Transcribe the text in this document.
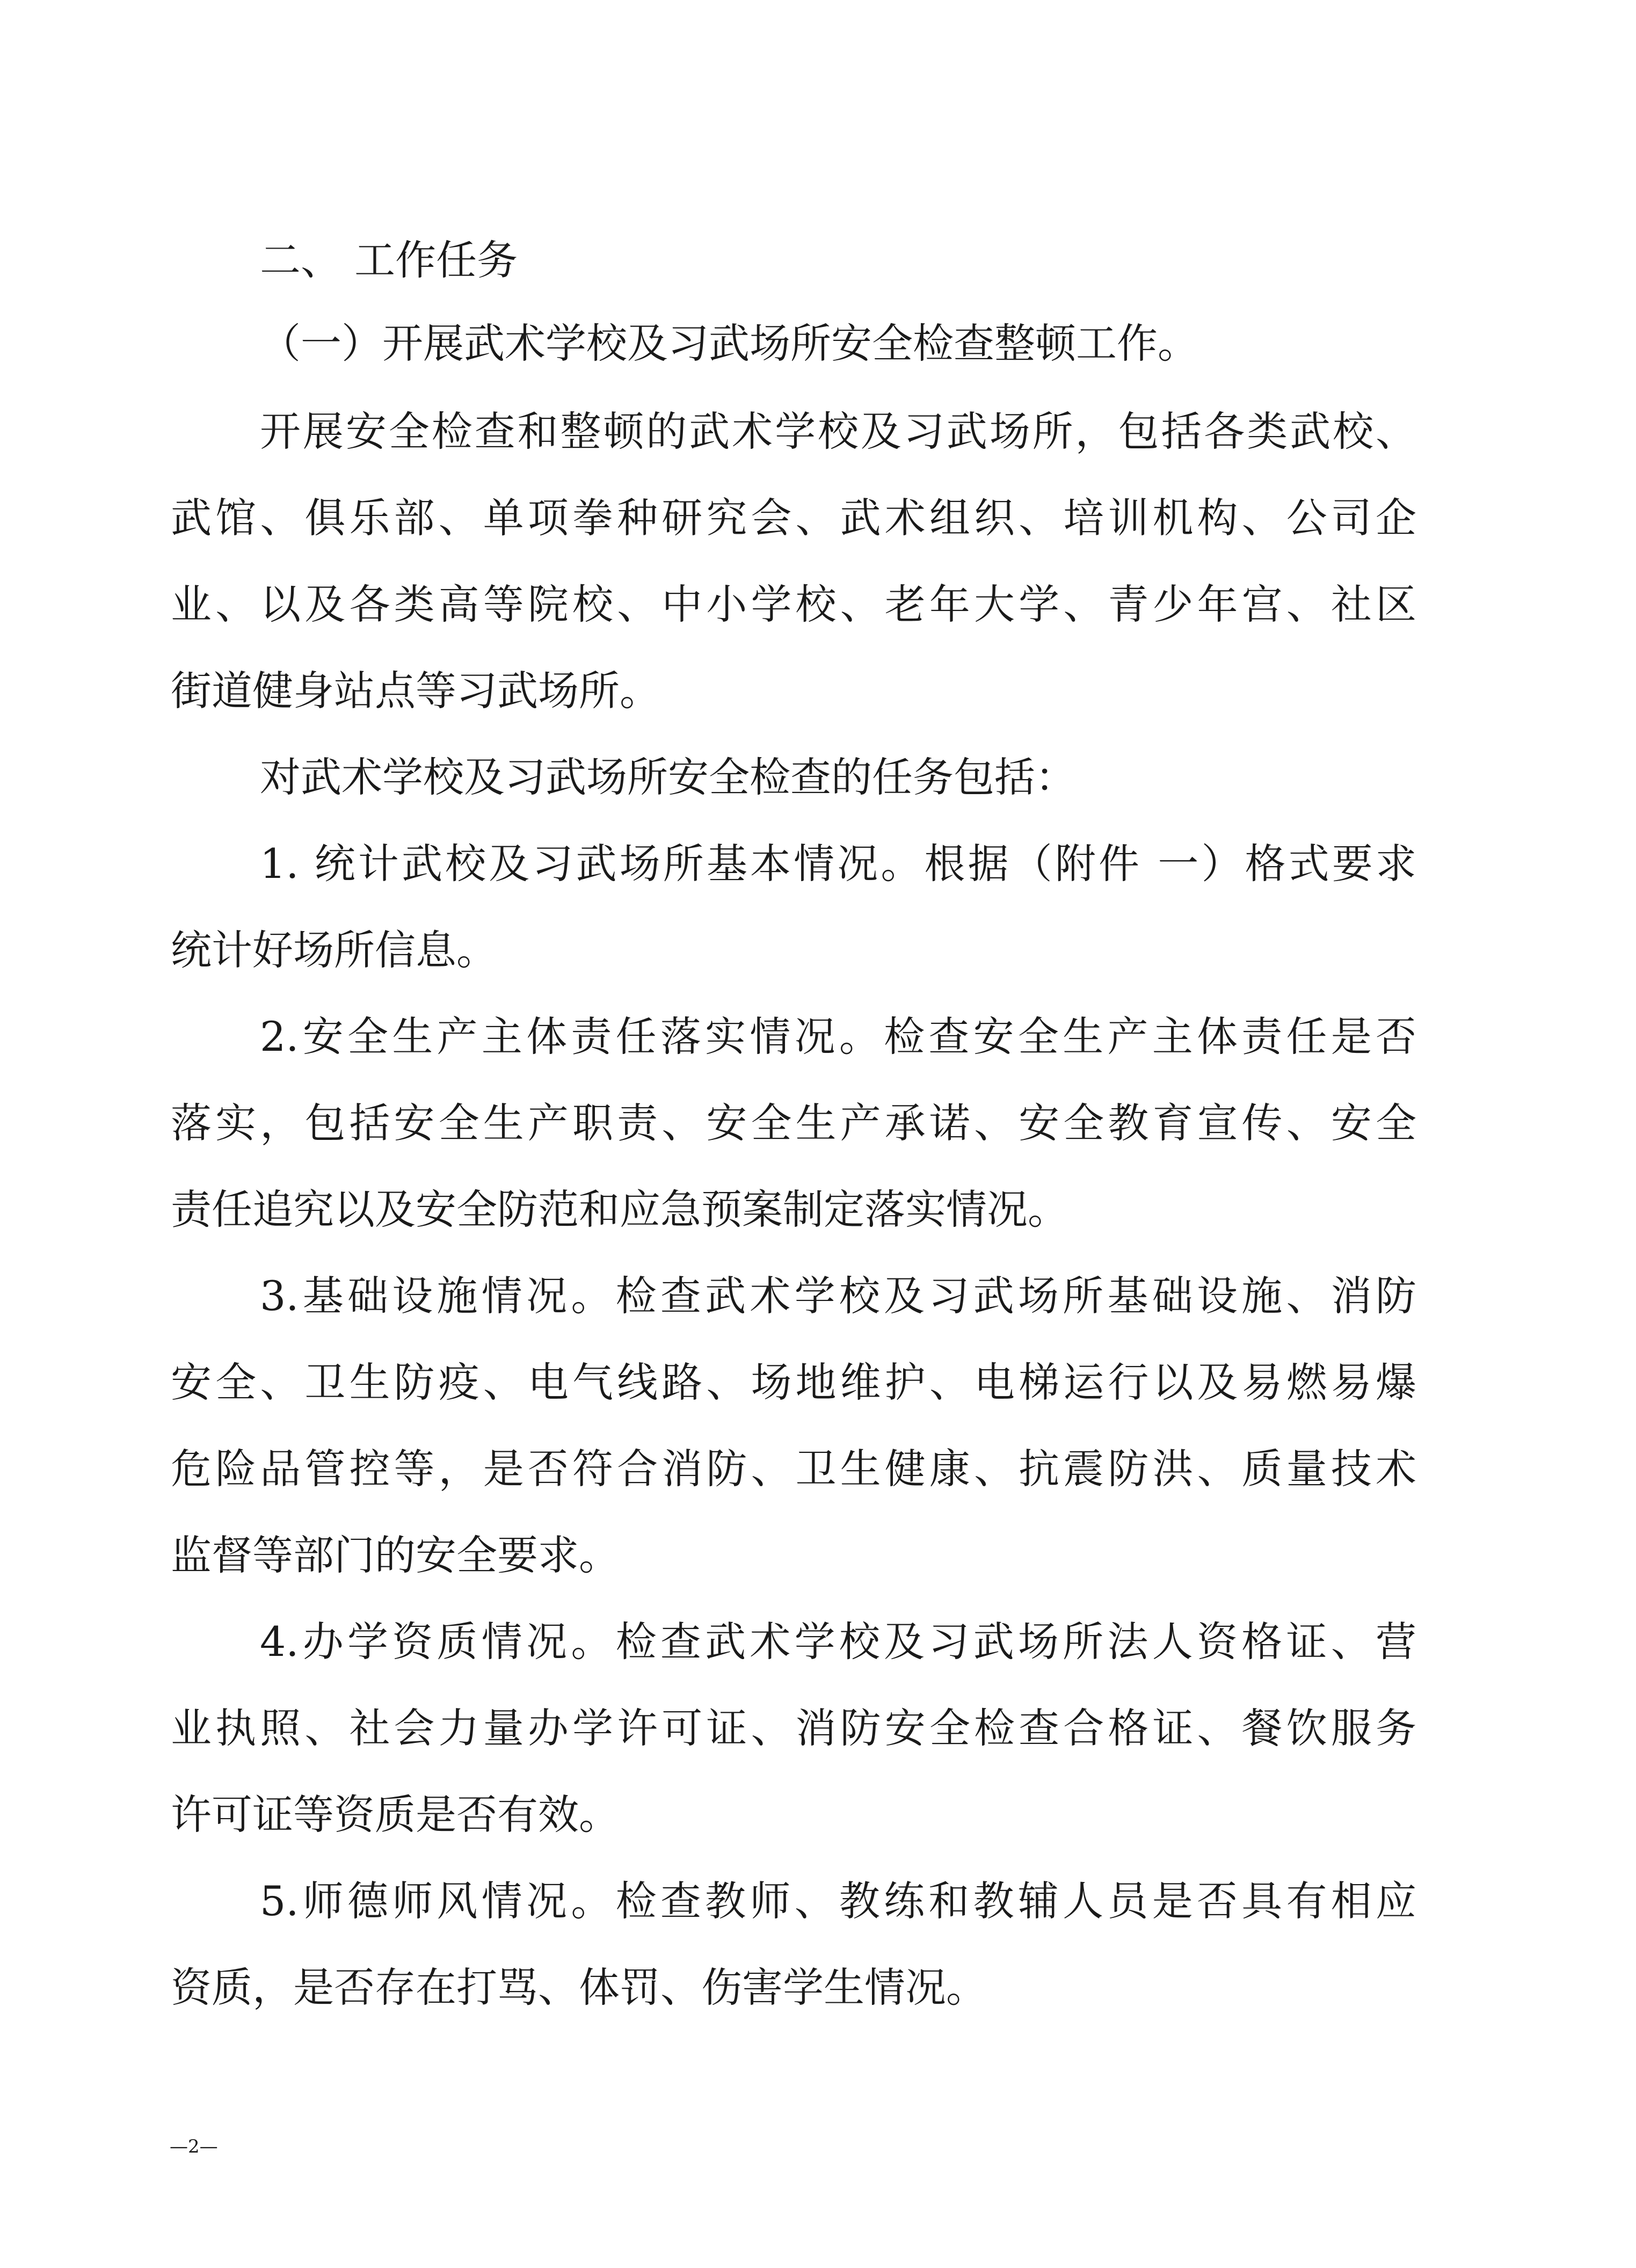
二、 工作任务
（一）开展武术学校及习武场所安全检查整顿工作。
开展安全检查和整顿的武术学校及习武场所，包括各类武校、
武馆、俱乐部、单项拳种研究会、武术组织、培训机构、公司企
业、以及各类高等院校、中小学校、老年大学、青少年宫、社区
街道健身站点等习武场所。
对武术学校及习武场所安全检查的任务包括：
1. 统计武校及习武场所基本情况。根据（附件 一）格式要求
统计好场所信息。
2.安全生产主体责任落实情况。检查安全生产主体责任是否
落实，包括安全生产职责、安全生产承诺、安全教育宣传、安全
责任追究以及安全防范和应急预案制定落实情况。
3.基础设施情况。检查武术学校及习武场所基础设施、消防
安全、卫生防疫、电气线路、场地维护、电梯运行以及易燃易爆
危险品管控等，是否符合消防、卫生健康、抗震防洪、质量技术
监督等部门的安全要求。
4.办学资质情况。检查武术学校及习武场所法人资格证、营
业执照、社会力量办学许可证、消防安全检查合格证、餐饮服务
许可证等资质是否有效。
5.师德师风情况。检查教师、教练和教辅人员是否具有相应
资质，是否存在打骂、体罚、伤害学生情况。
—2—
